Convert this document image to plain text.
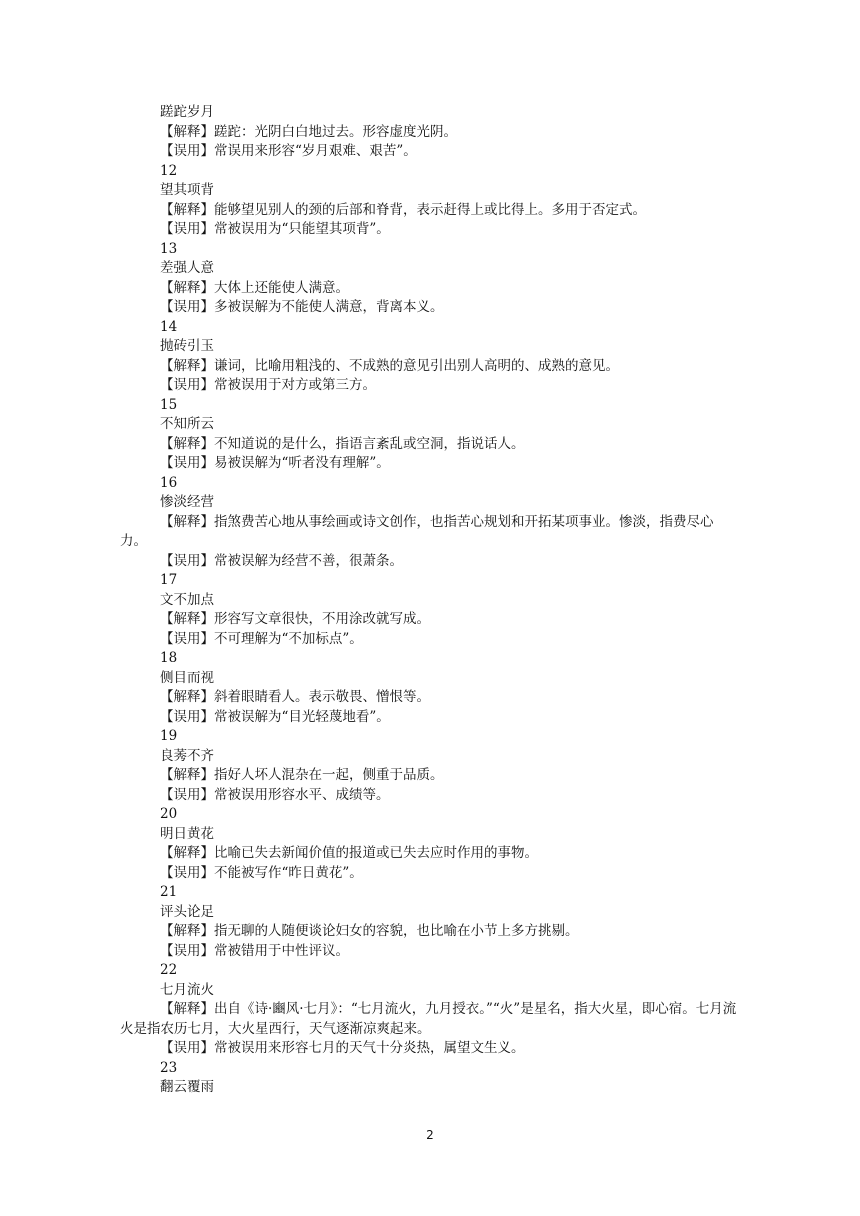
蹉跎岁月

【解释】蹉跎：光阴白白地过去。形容虚度光阴。

【误用】常误用来形容“岁月艰难、艰苦”。

12

望其项背

【解释】能够望见别人的颈的后部和脊背，表示赶得上或比得上。多用于否定式。

【误用】常被误用为“只能望其项背”。

13

差强人意

【解释】大体上还能使人满意。

【误用】多被误解为不能使人满意，背离本义。

14

抛砖引玉

【解释】谦词，比喻用粗浅的、不成熟的意见引出别人高明的、成熟的意见。

【误用】常被误用于对方或第三方。

15

不知所云

【解释】不知道说的是什么，指语言紊乱或空洞，指说话人。

【误用】易被误解为“听者没有理解”。

16

惨淡经营

【解释】指煞费苦心地从事绘画或诗文创作，也指苦心规划和开拓某项事业。惨淡，指费尽心力。

【误用】常被误解为经营不善，很萧条。

17

文不加点

【解释】形容写文章很快，不用涂改就写成。

【误用】不可理解为“不加标点”。

18

侧目而视

【解释】斜着眼睛看人。表示敬畏、憎恨等。

【误用】常被误解为“目光轻蔑地看”。

19

良莠不齐

【解释】指好人坏人混杂在一起，侧重于品质。

【误用】常被误用形容水平、成绩等。

20

明日黄花

【解释】比喻已失去新闻价值的报道或已失去应时作用的事物。

【误用】不能被写作“昨日黄花”。

21

评头论足

【解释】指无聊的人随便谈论妇女的容貌，也比喻在小节上多方挑剔。

【误用】常被错用于中性评议。

22

七月流火

【解释】出自《诗·豳风·七月》：“七月流火，九月授衣。”“火”是星名，指大火星，即心宿。七月流火是指农历七月，大火星西行，天气逐渐凉爽起来。

【误用】常被误用来形容七月的天气十分炎热，属望文生义。

23

翻云覆雨

2
